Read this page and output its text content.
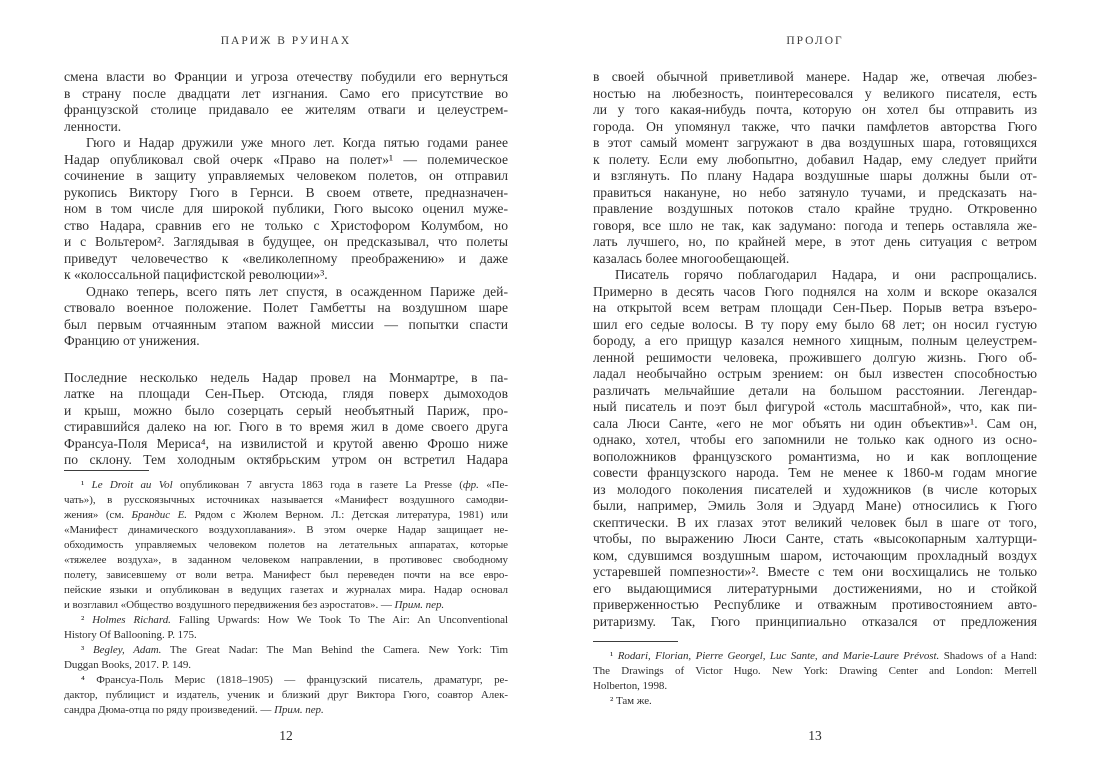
ПАРИЖ В РУИНАХ
смена власти во Франции и угроза отечеству побудили его вернуться
в страну после двадцати лет изгнания. Само его присутствие во
французской столице придавало ее жителям отваги и целеустрем-
ленности.
Гюго и Надар дружили уже много лет. Когда пятью годами ранее
Надар опубликовал свой очерк «Право на полет»¹ — полемическое
сочинение в защиту управляемых человеком полетов, он отправил
рукопись Виктору Гюго в Гернси. В своем ответе, предназначен-
ном в том числе для широкой публики, Гюго высоко оценил муже-
ство Надара, сравнив его не только с Христофором Колумбом, но
и с Вольтером². Заглядывая в будущее, он предсказывал, что полеты
приведут человечество к «великолепному преображению» и даже
к «колоссальной пацифистской революции»³.
Однако теперь, всего пять лет спустя, в осажденном Париже дей-
ствовало военное положение. Полет Гамбетты на воздушном шаре
был первым отчаянным этапом важной миссии — попытки спасти
Францию от унижения.
Последние несколько недель Надар провел на Монмартре, в па-
латке на площади Сен-Пьер. Отсюда, глядя поверх дымоходов
и крыш, можно было созерцать серый необъятный Париж, про-
стиравшийся далеко на юг. Гюго в то время жил в доме своего друга
Франсуа-Поля Мериса⁴, на извилистой и крутой авеню Фрошо ниже
по склону. Тем холодным октябрьским утром он встретил Надара
¹ Le Droit au Vol опубликован 7 августа 1863 года в газете La Presse (фр. «Пе-
чать»), в русскоязычных источниках называется «Манифест воздушного самодви-
жения» (см. Брандис Е. Рядом с Жюлем Верном. Л.: Детская литература, 1981) или
«Манифест динамического воздухоплавания». В этом очерке Надар защищает не-
обходимость управляемых человеком полетов на летательных аппаратах, которые
«тяжелее воздуха», в заданном человеком направлении, в противовес свободному
полету, зависевшему от воли ветра. Манифест был переведен почти на все евро-
пейские языки и опубликован в ведущих газетах и журналах мира. Надар основал
и возглавил «Общество воздушного передвижения без аэростатов». — Прим. пер.
² Holmes Richard. Falling Upwards: How We Took To The Air: An Unconventional
History Of Ballooning. P. 175.
³ Begley, Adam. The Great Nadar: The Man Behind the Camera. New York: Tim
Duggan Books, 2017. P. 149.
⁴ Франсуа-Поль Мерис (1818–1905) — французский писатель, драматург, ре-
дактор, публицист и издатель, ученик и близкий друг Виктора Гюго, соавтор Алек-
сандра Дюма-отца по ряду произведений. — Прим. пер.
12
ПРОЛОГ
в своей обычной приветливой манере. Надар же, отвечая любез-
ностью на любезность, поинтересовался у великого писателя, есть
ли у того какая-нибудь почта, которую он хотел бы отправить из
города. Он упомянул также, что пачки памфлетов авторства Гюго
в этот самый момент загружают в два воздушных шара, готовящихся
к полету. Если ему любопытно, добавил Надар, ему следует прийти
и взглянуть. По плану Надара воздушные шары должны были от-
правиться накануне, но небо затянуло тучами, и предсказать на-
правление воздушных потоков стало крайне трудно. Откровенно
говоря, все шло не так, как задумано: погода и теперь оставляла же-
лать лучшего, но, по крайней мере, в этот день ситуация с ветром
казалась более многообещающей.
Писатель горячо поблагодарил Надара, и они распрощались.
Примерно в десять часов Гюго поднялся на холм и вскоре оказался
на открытой всем ветрам площади Сен-Пьер. Порыв ветра взъеро-
шил его седые волосы. В ту пору ему было 68 лет; он носил густую
бороду, а его прищур казался немного хищным, полным целеустрем-
ленной решимости человека, прожившего долгую жизнь. Гюго об-
ладал необычайно острым зрением: он был известен способностью
различать мельчайшие детали на большом расстоянии. Легендар-
ный писатель и поэт был фигурой «столь масштабной», что, как пи-
сала Люси Санте, «его не мог объять ни один объектив»¹. Сам он,
однако, хотел, чтобы его запомнили не только как одного из осно-
воположников французского романтизма, но и как воплощение
совести французского народа. Тем не менее к 1860-м годам многие
из молодого поколения писателей и художников (в числе которых
были, например, Эмиль Золя и Эдуард Мане) относились к Гюго
скептически. В их глазах этот великий человек был в шаге от того,
чтобы, по выражению Люси Санте, стать «высокопарным халтурщи-
ком, сдувшимся воздушным шаром, источающим прохладный воздух
устаревшей помпезности»². Вместе с тем они восхищались не только
его выдающимися литературными достижениями, но и стойкой
приверженностью Республике и отважным противостоянием авто-
ритаризму. Так, Гюго принципиально отказался от предложения
¹ Rodari, Florian, Pierre Georgel, Luc Sante, and Marie-Laure Prévost. Shadows of a Hand:
The Drawings of Victor Hugo. New York: Drawing Center and London: Merrell
Holberton, 1998.
² Там же.
13
